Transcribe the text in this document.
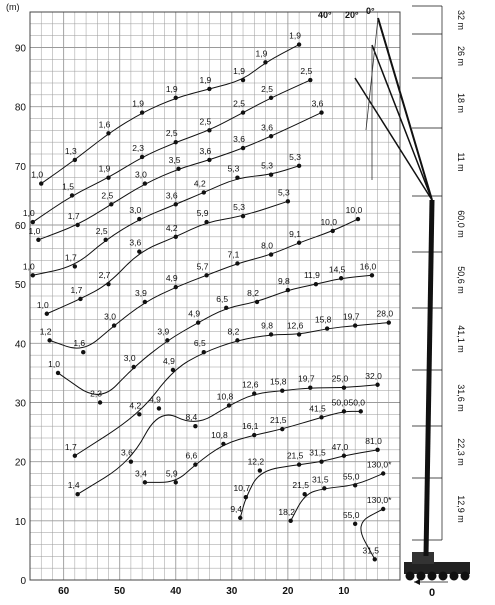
(m)
0
10
20
30
40
50
60
70
80
90
60	50	40	30	20	10	0
1,0
1,3
1,6
1,9
1,9
1,9
1,9
1,9
1,9
1,0
1,5
1,9
2,3
2,5
2,5
2,5
2,5
2,5
1,0
1,7
2,5
3,0
3,5
3,6
3,6
3,6
3,6
1,0
1,7
2,5
3,0
3,6
4,2
5,3	5,3
5,3
1,0
1,7
2,7
3,6
4,2
5,9
5,3
5,3
1,2
1,6
3,0
3,9
4,9
5,7
7,1
8,0
9,1
10,0
10,0
1,0
2,3
3,0
3,9
4,9
6,5
8,2
9,8
11,9
14,5 16,0
1,7
4,2
4,9
6,5
8,2
9,8 12,6
15,8 19,7 28,0
1,4
3,6
4,9
8,4
10,8
12,6 15,8 19,7 25,0 32,0
3,4 5,9
6,6
10,8
16,1
21,5
41,5
50,0 50,0
9,4
10,7
12,2
21,5 31,5
47,0
81,0
18,2
21,5
31,5 55,0
130,0*
31,5
55,0
130,0*
40° 20° 0°	32 m
26 m
18 m
11 m
60,0 m
50,6 m
41,1 m
31,6 m
22,3 m
12,9 m
